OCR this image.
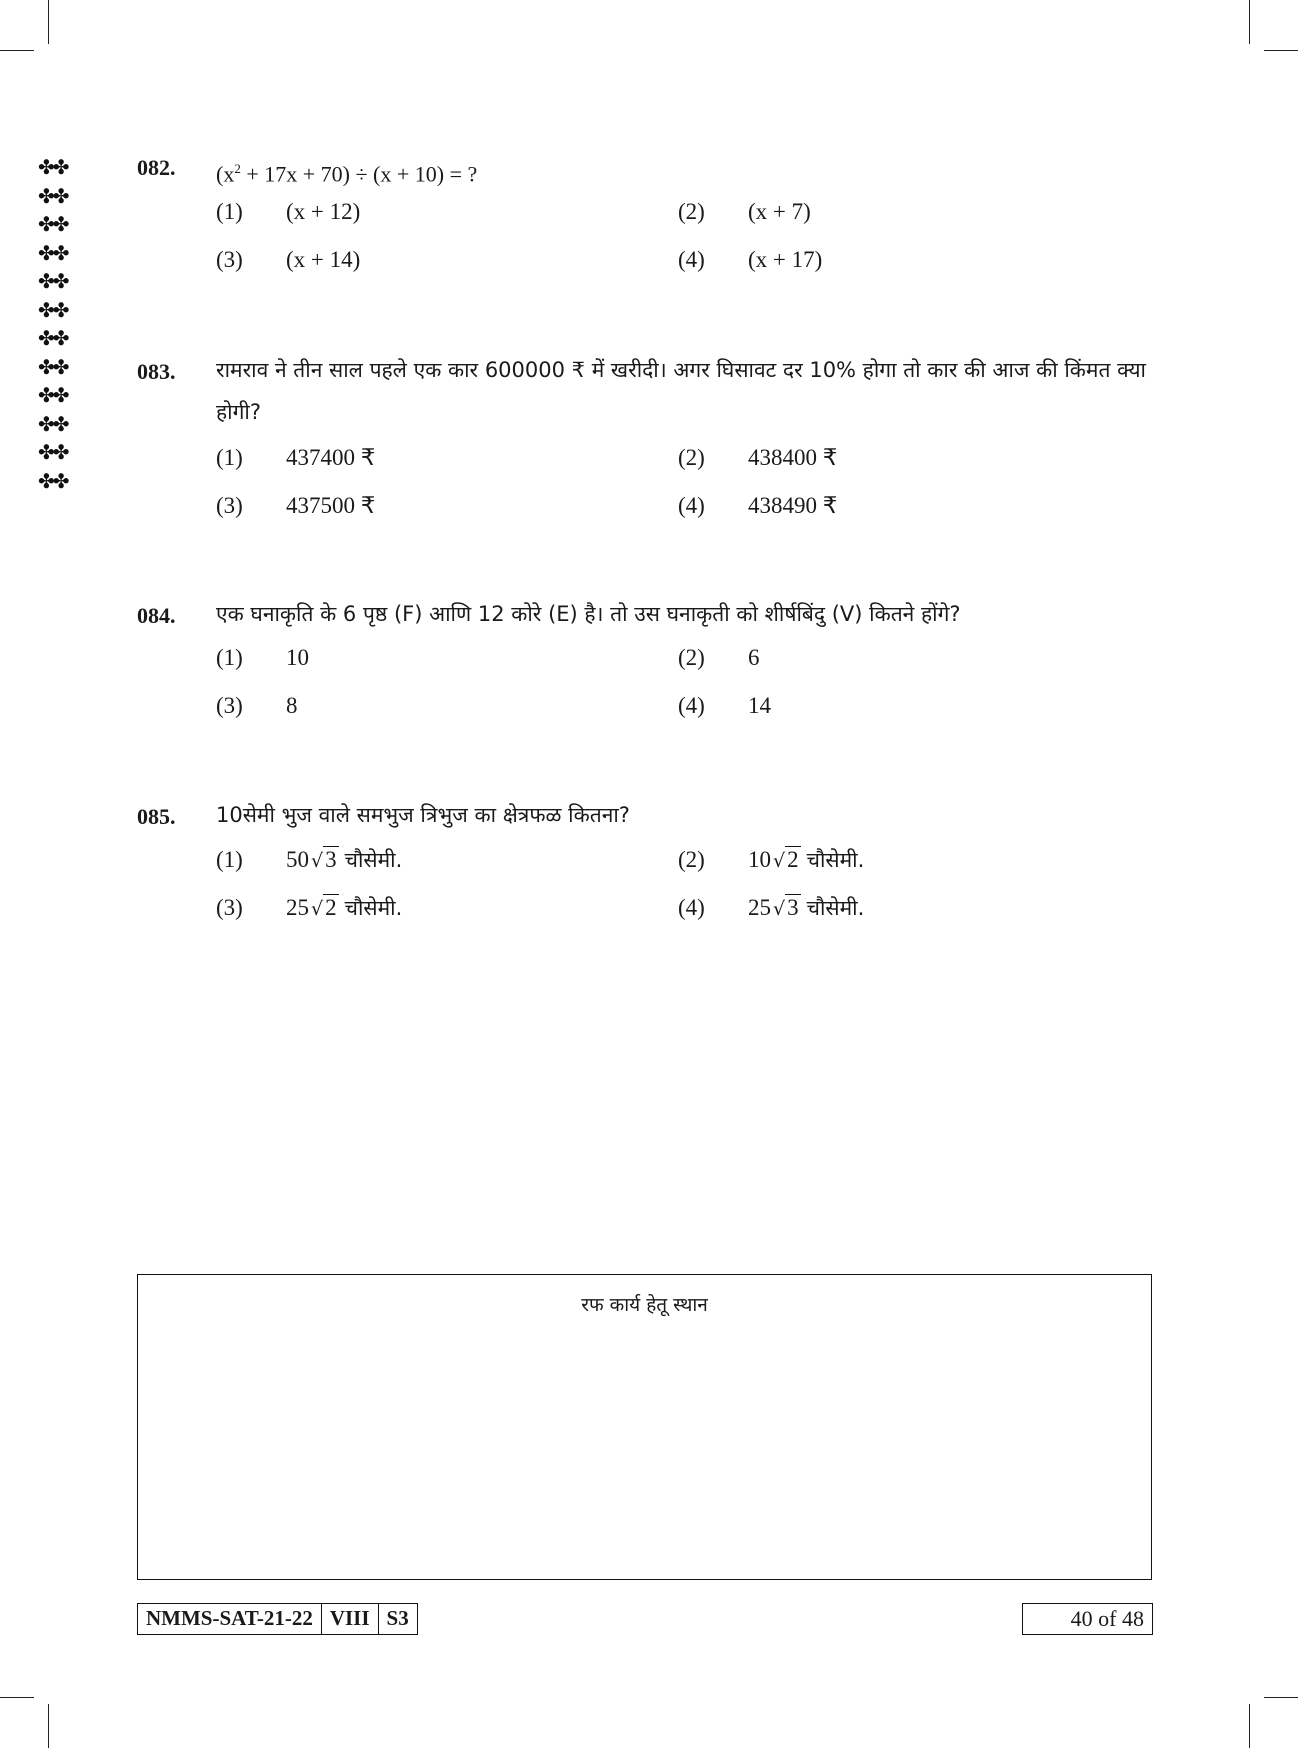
✤✤
✤✤
✤✤
✤✤
✤✤
✤✤
✤✤
✤✤
✤✤
✤✤
✤✤
✤✤
082. $(x^2 + 17x + 70) \div (x + 10)$ = ?
(1)	(x + 12)	(2)	(x + 7)
(3)	(x + 14)	(4)	(x + 17)
083. रामराव ने तीन साल पहले एक कार 600000 ₹ में खरीदी। अगर घिसावट दर 10% होगा तो कार की आज की किंमत क्या होगी?
(1)	437400 ₹	(2)	438400 ₹
(3)	437500 ₹	(4)	438490 ₹
084. एक घनाकृति के 6 पृष्ठ (F) आणि 12 कोरे (E) है। तो उस घनाकृती को शीर्षबिंदु (V) कितने होंगे?
(1)	10	(2)	6
(3)	8	(4)	14
085. 10सेमी भुज वाले समभुज त्रिभुज का क्षेत्रफळ कितना?
(1)	50 √3 चौसेमी.	(2)	10 √2 चौसेमी.
(3)	25 √2 चौसेमी.	(4)	25 √3 चौसेमी.
रफ कार्य हेतू स्थान
NMMS-SAT-21-22 VIII S3	40 of 48
